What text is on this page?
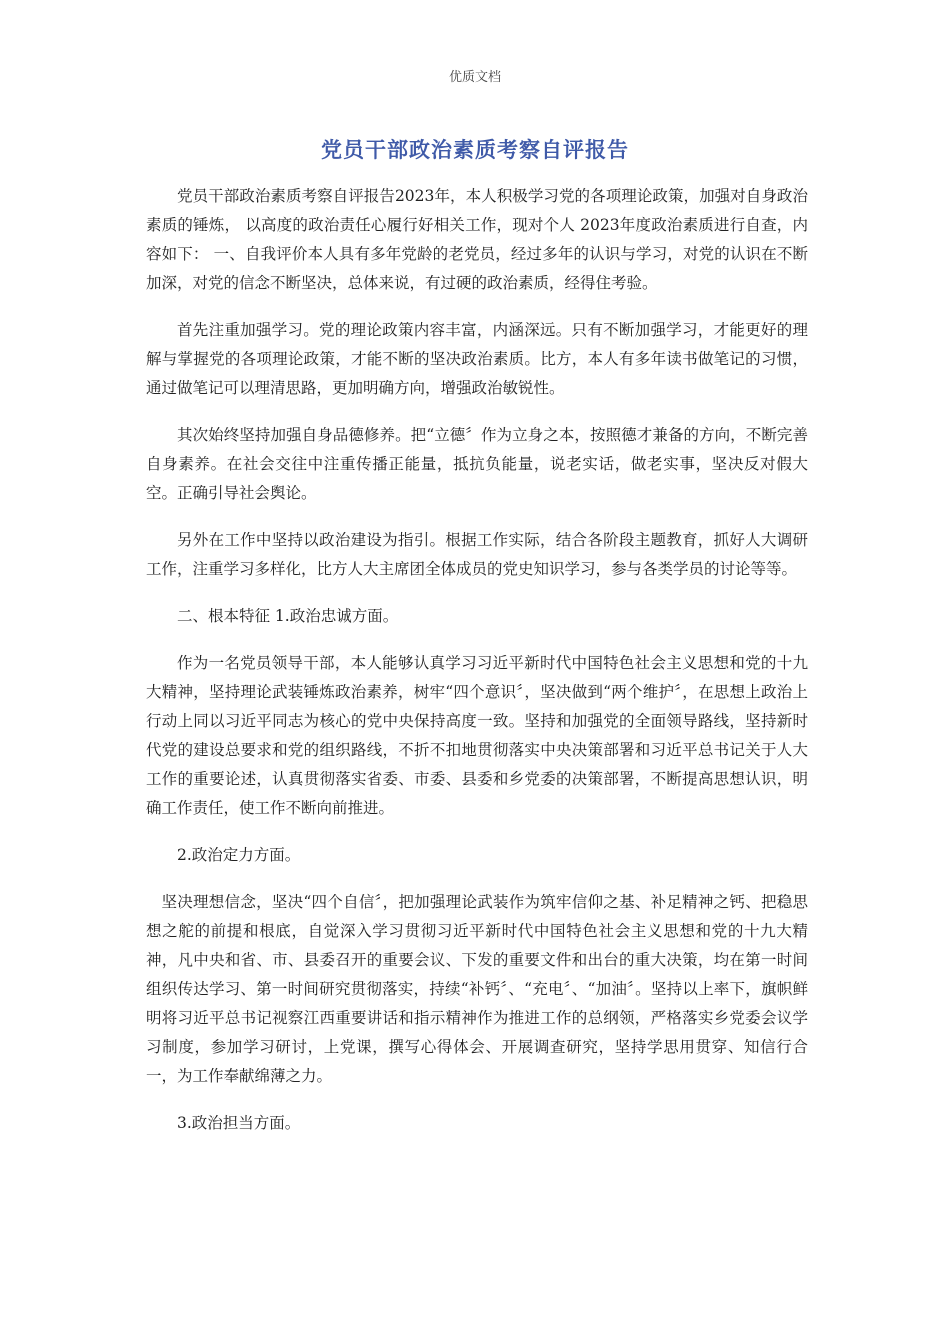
优质文档
党员干部政治素质考察自评报告

党员干部政治素质考察自评报告2023年，本人积极学习党的各项理论政策，加强对自身政治素质的锤炼， 以高度的政治责任心履行好相关工作，现对个人 2023年度政治素质进行自查，内容如下： 一、自我评价本人具有多年党龄的老党员，经过多年的认识与学习，对党的认识在不断加深，对党的信念不断坚决，总体来说，有过硬的政治素质，经得住考验。

首先注重加强学习。党的理论政策内容丰富，内涵深远。只有不断加强学习，才能更好的理解与掌握党的各项理论政策，才能不断的坚决政治素质。比方，本人有多年读书做笔记的习惯，通过做笔记可以理清思路，更加明确方向，增强政治敏锐性。

其次始终坚持加强自身品德修养。把“立德〞作为立身之本，按照德才兼备的方向，不断完善自身素养。在社会交往中注重传播正能量，抵抗负能量，说老实话，做老实事，坚决反对假大空。正确引导社会舆论。

另外在工作中坚持以政治建设为指引。根据工作实际，结合各阶段主题教育，抓好人大调研工作，注重学习多样化，比方人大主席团全体成员的党史知识学习，参与各类学员的讨论等等。

二、根本特征 1.政治忠诚方面。

作为一名党员领导干部，本人能够认真学习习近平新时代中国特色社会主义思想和党的十九大精神，坚持理论武装锤炼政治素养，树牢“四个意识〞，坚决做到“两个维护〞，在思想上政治上行动上同以习近平同志为核心的党中央保持高度一致。坚持和加强党的全面领导路线，坚持新时代党的建设总要求和党的组织路线，不折不扣地贯彻落实中央决策部署和习近平总书记关于人大工作的重要论述，认真贯彻落实省委、市委、县委和乡党委的决策部署，不断提高思想认识，明确工作责任，使工作不断向前推进。

2.政治定力方面。

坚决理想信念，坚决“四个自信〞，把加强理论武装作为筑牢信仰之基、补足精神之钙、把稳思想之舵的前提和根底，自觉深入学习贯彻习近平新时代中国特色社会主义思想和党的十九大精神，凡中央和省、市、县委召开的重要会议、下发的重要文件和出台的重大决策，均在第一时间组织传达学习、第一时间研究贯彻落实，持续“补钙〞、“充电〞、“加油〞。坚持以上率下，旗帜鲜明将习近平总书记视察江西重要讲话和指示精神作为推进工作的总纲领，严格落实乡党委会议学习制度，参加学习研讨，上党课，撰写心得体会、开展调查研究，坚持学思用贯穿、知信行合一，为工作奉献绵薄之力。

3.政治担当方面。
